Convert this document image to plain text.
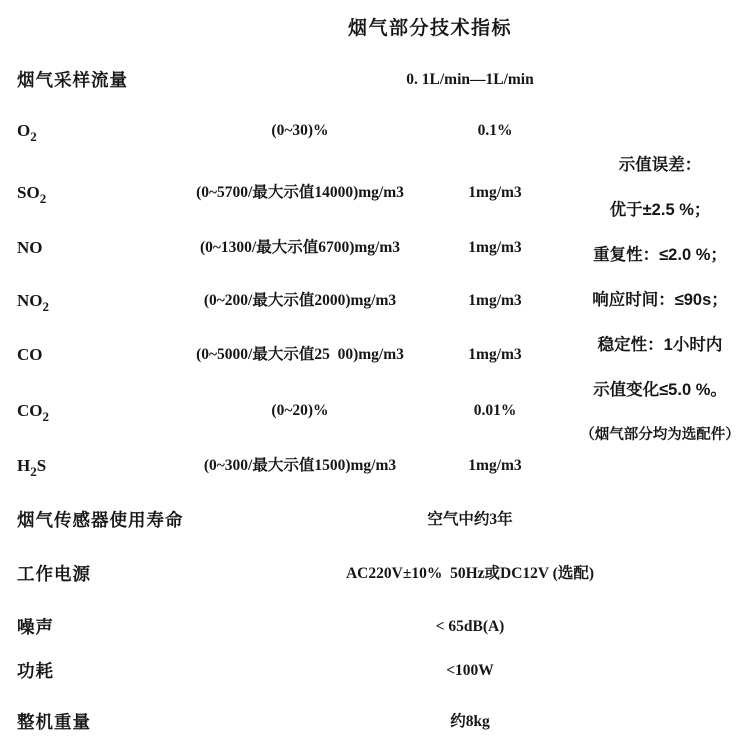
烟气部分技术指标
烟气采样流量	0. 1L/min—1L/min
$O_2$	(0~30)%	0.1%
$SO_2$	(0~5700/最大示值14000)mg/m3	1mg/m3
NO	(0~1300/最大示值6700)mg/m3	1mg/m3
$NO_2$	(0~200/最大示值2000)mg/m3	1mg/m3
CO	(0~5000/最大示值25  00)mg/m3	1mg/m3
$CO_2$	(0~20)%	0.01%
$H_2S$	(0~300/最大示值1500)mg/m3	1mg/m3
烟气传感器使用寿命	空气中约3年
工作电源	AC220V±10%  50Hz或DC12V (选配)
噪声	< 65dB(A)
功耗	<100W
整机重量	约8kg
示值误差：
优于±2.5 %；
重复性：≤2.0 %；
响应时间：≤90s；
稳定性：1小时内
示值变化≤5.0 %。
（烟气部分均为选配件）
